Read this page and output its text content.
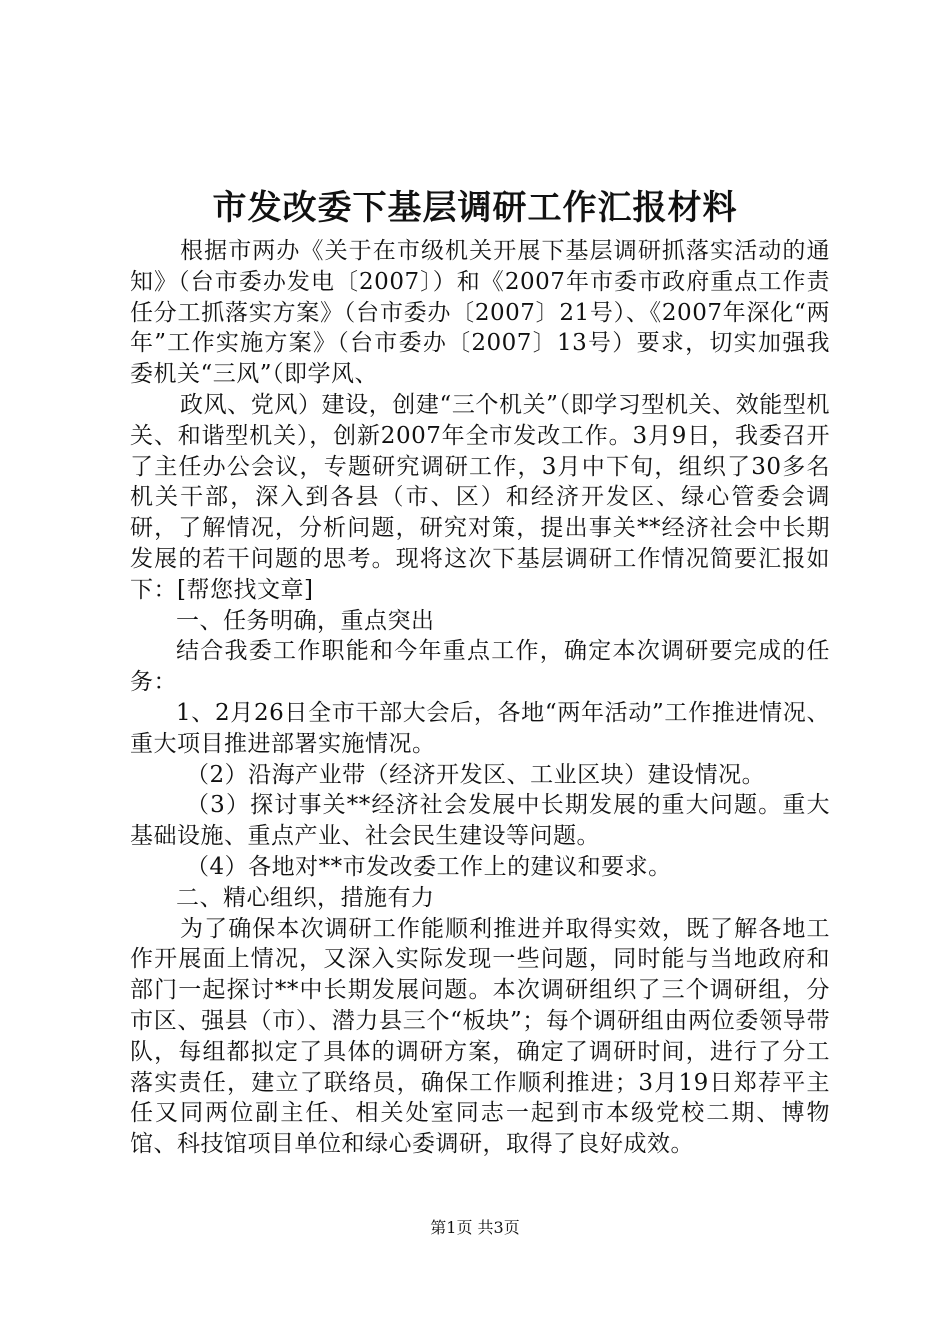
市发改委下基层调研工作汇报材料

根据市两办《关于在市级机关开展下基层调研抓落实活动的通知》（台市委办发电〔2007〕）和《2007年市委市政府重点工作责任分工抓落实方案》（台市委办〔2007〕21号）、《2007年深化“两年”工作实施方案》（台市委办〔2007〕13号）要求，切实加强我委机关“三风”（即学风、

政风、党风）建设，创建“三个机关”（即学习型机关、效能型机关、和谐型机关），创新2007年全市发改工作。3月9日，我委召开了主任办公会议，专题研究调研工作，3月中下旬，组织了30多名机关干部，深入到各县（市、区）和经济开发区、绿心管委会调研，了解情况，分析问题，研究对策，提出事关**经济社会中长期发展的若干问题的思考。现将这次下基层调研工作情况简要汇报如下：[帮您找文章]

一、任务明确，重点突出

结合我委工作职能和今年重点工作，确定本次调研要完成的任务：

1、2月26日全市干部大会后，各地“两年活动”工作推进情况、重大项目推进部署实施情况。

（2）沿海产业带（经济开发区、工业区块）建设情况。

（3）探讨事关**经济社会发展中长期发展的重大问题。重大基础设施、重点产业、社会民生建设等问题。

（4）各地对**市发改委工作上的建议和要求。

二、精心组织，措施有力

为了确保本次调研工作能顺利推进并取得实效，既了解各地工作开展面上情况，又深入实际发现一些问题，同时能与当地政府和部门一起探讨**中长期发展问题。本次调研组织了三个调研组，分市区、强县（市）、潜力县三个“板块”；每个调研组由两位委领导带队，每组都拟定了具体的调研方案，确定了调研时间，进行了分工落实责任，建立了联络员，确保工作顺利推进；3月19日郑荐平主任又同两位副主任、相关处室同志一起到市本级党校二期、博物馆、科技馆项目单位和绿心委调研，取得了良好成效。

第1页 共3页
